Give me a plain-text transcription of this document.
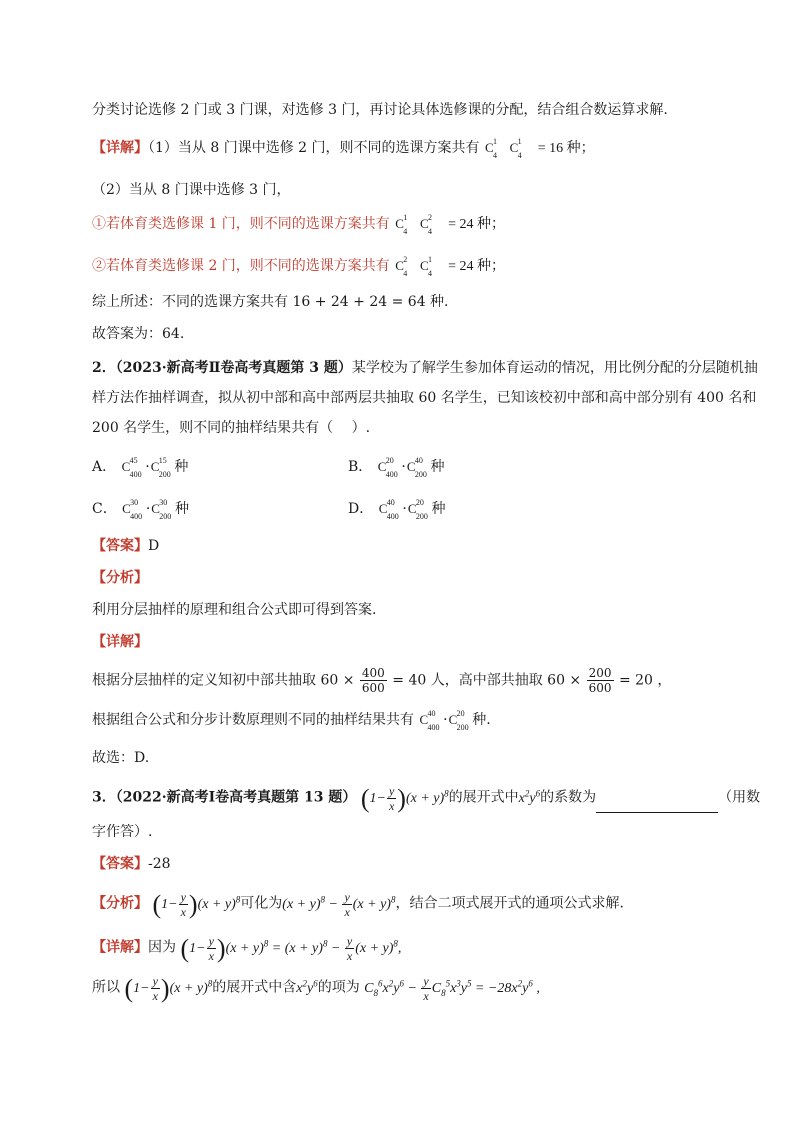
分类讨论选修 2 门或 3 门课，对选修 3 门，再讨论具体选修课的分配，结合组合数运算求解.
【详解】（1）当从 8 门课中选修 2 门，则不同的选课方案共有 C 1
4
C 1
4 = 16 种；
（2）当从 8 门课中选修 3 门，
①若体育类选修课 1 门，则不同的选课方案共有 C 1
4
C 2
4 = 24 种；
②若体育类选修课 2 门，则不同的选课方案共有 C 2
4
C 1
4 = 24 种；
综上所述：不同的选课方案共有 16 + 24 + 24 = 64 种.
故答案为：64.
2．（2023·新高考Ⅱ卷高考真题第 3 题）某学校为了解学生参加体育运动的情况，用比例分配的分层随机抽
样方法作抽样调查，拟从初中部和高中部两层共抽取 60 名学生，已知该校初中部和高中部分别有 400 名和
200 名学生，则不同的抽样结果共有（　 ）.
A． C 45
400 ·C 15
200 种	B． C 20
400 ·C 40
200 种
C． C 30
400 ·C 30
200 种	D． C 40
400 ·C 20
200 种
【答案】D
【分析】
利用分层抽样的原理和组合公式即可得到答案.
【详解】
根据分层抽样的定义知初中部共抽取 $60 \times \frac{400}{600} = 40$ 人，高中部共抽取 $60 \times \frac{200}{600} = 20$ ，
根据组合公式和分步计数原理则不同的抽样结果共有 C 40
400 ·C 20
200 种.
故选：D.
3．（2022·新高考Ⅰ卷高考真题第 13 题） $(1- \frac{y}{x} )(x + y)^8$的展开式中$x^2y^6$的系数为	（用数
字作答）.
【答案】-28
【分析】 $(1- \frac{y}{x} )(x + y)^8$可化为$(x + y)^8 - \frac{y}{x} (x + y)^8$，结合二项式展开式的通项公式求解.
【详解】因为 $(1- \frac{y}{x} )(x + y)^8 = (x + y)^8 - \frac{y}{x} (x + y)^8$,
所以 $(1- \frac{y}{x} )(x + y)^8$的展开式中含$x^2y^6$的项为 $C_8^6x^2y^6 - \frac{y}{x} C_8^5x^3y^5 = -28x^2y^6$ ,
